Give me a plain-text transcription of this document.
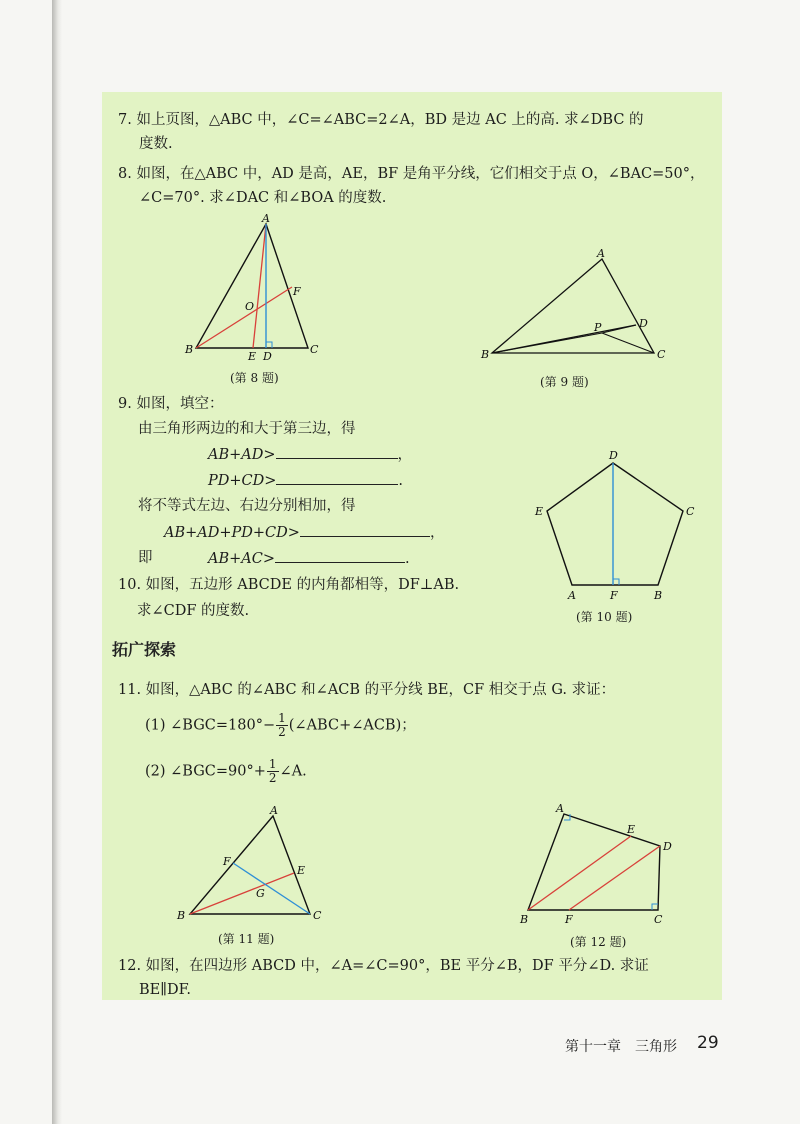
7. 如上页图，△ABC 中，∠C=∠ABC=2∠A，BD 是边 AC 上的高. 求∠DBC 的
度数.
8. 如图，在△ABC 中，AD 是高，AE，BF 是角平分线，它们相交于点 O，∠BAC=50°，
∠C=70°. 求∠DAC 和∠BOA 的度数.
A
B	C
D
E
F
O
(第 8 题)
A
B	C
D
P
(第 9 题)
9. 如图，填空：
由三角形两边的和大于第三边，得
AB+AD>	，
PD+CD>	.
将不等式左边、右边分别相加，得
AB+AD+PD+CD>	，
即	AB+AC>	.
D
C
E
A	B
F
(第 10 题)
10. 如图，五边形 ABCDE 的内角都相等，DF⊥AB.
求∠CDF 的度数.
拓广探索
11. 如图，△ABC 的∠ABC 和∠ACB 的平分线 BE，CF 相交于点 G. 求证：
(1) ∠BGC=180°− $\frac{1}{2}$ (∠ABC+∠ACB)；
(2) ∠BGC=90°+ $\frac{1}{2}$ ∠A.
A
B	C
E
F
G
(第 11 题)
A
B	C
D
E
F
(第 12 题)
12. 如图，在四边形 ABCD 中，∠A=∠C=90°，BE 平分∠B，DF 平分∠D. 求证
BE∥DF.
第十一章　三角形 29
